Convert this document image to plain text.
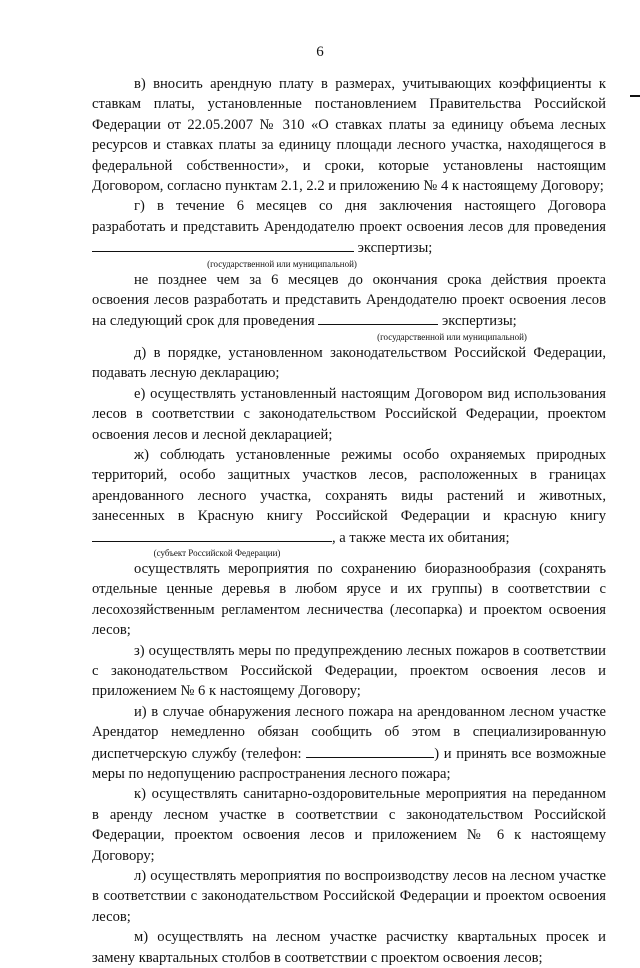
6

в) вносить арендную плату в размерах, учитывающих коэффициенты к ставкам платы, установленные постановлением Правительства Российской Федерации от 22.05.2007 № 310 «О ставках платы за единицу объема лесных ресурсов и ставках платы за единицу площади лесного участка, находящегося в федеральной собственности», и сроки, которые установлены настоящим Договором, согласно пунктам 2.1, 2.2 и приложению № 4 к настоящему Договору;

г) в течение 6 месяцев со дня заключения настоящего Договора разработать и представить Арендодателю проект освоения лесов для проведения экспертизы;

(государственной или муниципальной)

не позднее чем за 6 месяцев до окончания срока действия проекта освоения лесов разработать и представить Арендодателю проект освоения лесов на следующий срок для проведения	экспертизы;

(государственной или муниципальной)

д) в порядке, установленном законодательством Российской Федерации, подавать лесную декларацию;

е) осуществлять установленный настоящим Договором вид использования лесов в соответствии с законодательством Российской Федерации, проектом освоения лесов и лесной декларацией;

ж) соблюдать установленные режимы особо охраняемых природных территорий, особо защитных участков лесов, расположенных в границах арендованного лесного участка, сохранять виды растений и животных, занесенных в Красную книгу Российской Федерации и красную книгу , а также места их обитания;

(субъект Российской Федерации)

осуществлять мероприятия по сохранению биоразнообразия (сохранять отдельные ценные деревья в любом ярусе и их группы) в соответствии с лесохозяйственным регламентом лесничества (лесопарка) и проектом освоения лесов;

з) осуществлять меры по предупреждению лесных пожаров в соответствии с законодательством Российской Федерации, проектом освоения лесов и приложением № 6 к настоящему Договору;

и) в случае обнаружения лесного пожара на арендованном лесном участке Арендатор немедленно обязан сообщить об этом в специализированную диспетчерскую службу (телефон:	) и принять все возможные меры по недопущению распространения лесного пожара;

к) осуществлять санитарно-оздоровительные мероприятия на переданном в аренду лесном участке в соответствии с законодательством Российской Федерации, проектом освоения лесов и приложением № 6 к настоящему Договору;

л) осуществлять мероприятия по воспроизводству лесов на лесном участке в соответствии с законодательством Российской Федерации и проектом освоения лесов;

м) осуществлять на лесном участке расчистку квартальных просек и замену квартальных столбов в соответствии с проектом освоения лесов;
